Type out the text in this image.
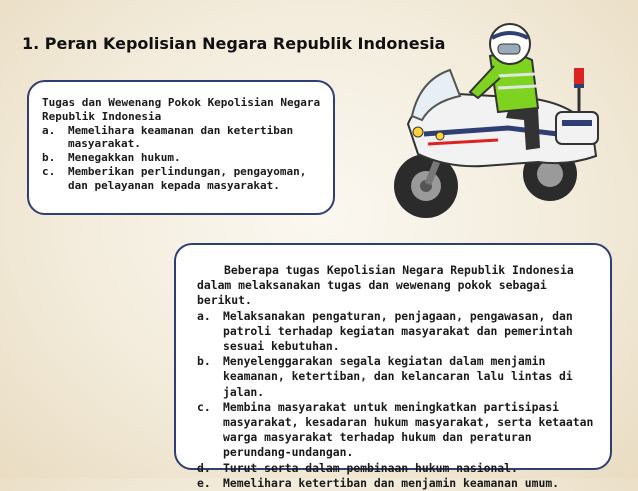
1. Peran Kepolisian Negara Republik Indonesia
Tugas dan Wewenang Pokok Kepolisian Negara Republik Indonesia
a.	Memelihara keamanan dan ketertiban masyarakat.
b.	Menegakkan hukum.
c.	Memberikan perlindungan, pengayoman, dan pelayanan kepada masyarakat.
Beberapa tugas Kepolisian Negara Republik Indonesia dalam melaksanakan tugas dan wewenang pokok sebagai berikut.
a.	Melaksanakan pengaturan, penjagaan, pengawasan, dan patroli terhadap kegiatan masyarakat dan pemerintah sesuai kebutuhan.
b.	Menyelenggarakan segala kegiatan dalam menjamin keamanan, ketertiban, dan kelancaran lalu lintas di jalan.
c.	Membina masyarakat untuk meningkatkan partisipasi masyarakat, kesadaran hukum masyarakat, serta ketaatan warga masyarakat terhadap hukum dan peraturan perundang-undangan.
d.	Turut serta dalam pembinaan hukum nasional.
e.	Memelihara ketertiban dan menjamin keamanan umum.
